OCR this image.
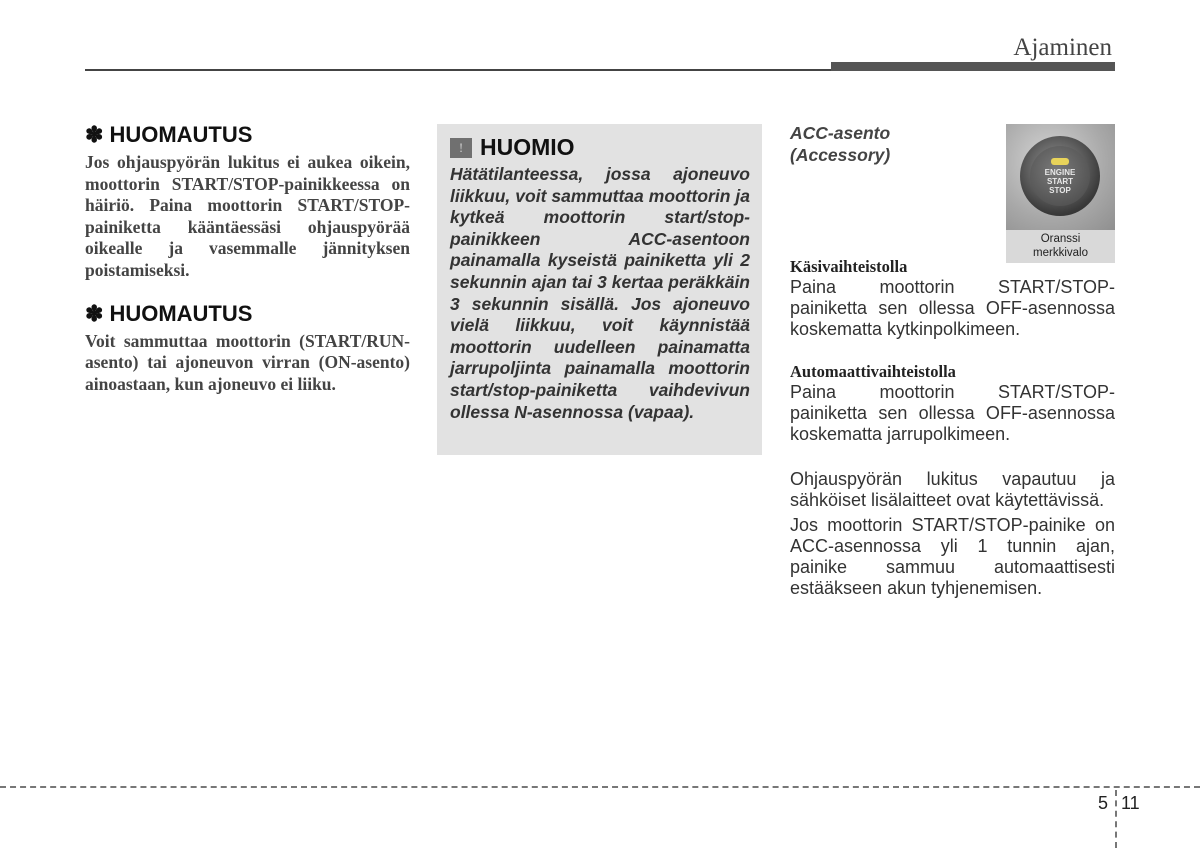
Ajaminen
✽ HUOMAUTUS

Jos ohjauspyörän lukitus ei aukea oikein, moottorin START/STOP-painikkeessa on häiriö. Paina moottorin START/STOP-painiketta kääntäessäsi ohjauspyörää oikealle ja vasemmalle jännityksen poistamiseksi.

✽ HUOMAUTUS

Voit sammuttaa moottorin (START/RUN-asento) tai ajoneuvon virran (ON-asento) ainoastaan, kun ajoneuvo ei liiku.

! HUOMIO

Hätätilanteessa, jossa ajoneuvo liikkuu, voit sammuttaa moottorin ja kytkeä moottorin start/stop-painikkeen ACC-asentoon painamalla kyseistä painiketta yli 2 sekunnin ajan tai 3 kertaa peräkkäin 3 sekunnin sisällä. Jos ajoneuvo vielä liikkuu, voit käynnistää moottorin uudelleen painamatta jarrupoljinta painamalla moottorin start/stop-painiketta vaihdevivun ollessa N-asennossa (vapaa).

ACC-asento
(Accessory)
ENGINE
START
STOP
Oranssi
merkkivalo

Käsivaihteistolla

Paina moottorin START/STOP-painiketta sen ollessa OFF-asennossa koskematta kytkinpolkimeen.

Automaattivaihteistolla

Paina moottorin START/STOP-painiketta sen ollessa OFF-asennossa koskematta jarrupolkimeen.

Ohjauspyörän lukitus vapautuu ja sähköiset lisälaitteet ovat käytettävissä.

Jos moottorin START/STOP-painike on ACC-asennossa yli 1 tunnin ajan, painike sammuu automaattisesti estääkseen akun tyhjenemisen.

5 11
